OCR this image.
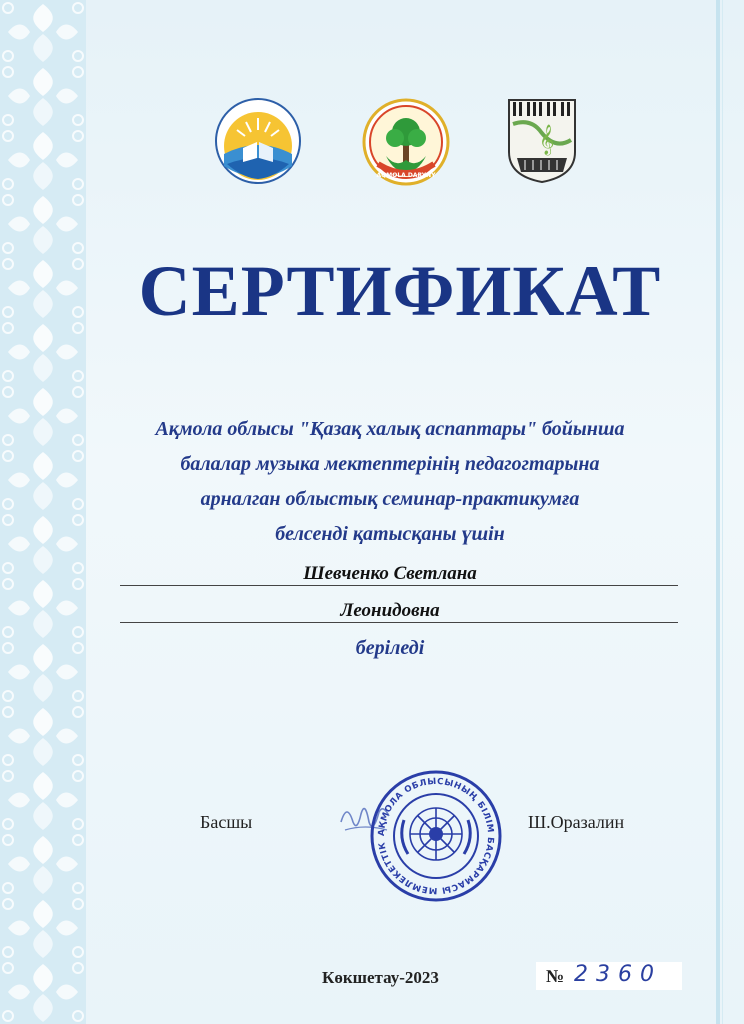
AQMOLA DARYNY
𝄞
СЕРТИФИКАТ
Ақмола облысы "Қазақ халық аспаптары" бойынша
балалар музыка мектептерінің педагогтарына
арналган облыстық семинар-практикумға
белсенді қатысқаны үшін
Шевченко Светлана
Леонидовна
беріледі
Басшы	Ш.Оразалин
АҚМОЛА ОБЛЫСЫНЫҢ БІЛІМ БАСҚАРМАСЫ МЕМЛЕКЕТТІК
Көкшетау-2023	№ 2360
